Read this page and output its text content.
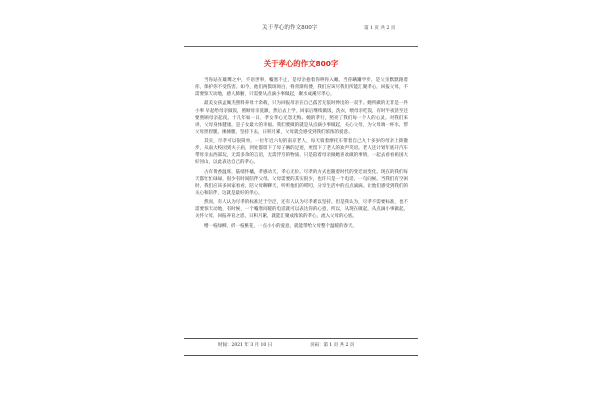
关于孝心的作文800字	第 1 页 共 2 页
关于孝心的作文800字

当你站在雄鹰之中，不语世事，嘘寒不止，是母亲抱着你哄你入睡。当你蹒跚学步，是父亲默默跟着你，保护你不受伤害。如今，他们两鬓斑斑白，脊背渐佝偻，我们应该尽我们所能汇聚孝心，回报父母，不需要惊天动地，感人肺腑，只需要从点滴小事做起，聚水成溪尽孝心。

最美女孩孟佩杰照料养母十余载，只为回报母亲在自己孤苦无依时伸出的一双手。她所做的无非是一件小事 早起给母亲做饭，照顾母亲洗漱，然后去上学，回家后继续做饭，洗衣，喂母亲吃饭，有时半夜甚至还要照顾母亲起夜。十几年如一日，孝女孝心无怨无悔。她的孝行，照亮了我们每一个人的心灵。对我们来讲，父母身体健康，是子女最大的幸福。我们要做的就是从点滴小事做起，关心父母，为父母端一杯水，帮父母捏捏腿，捶捶腿，坚持下去，日积月累，父母就会感受到我们浓浓的爱意。

其实，尽孝可以很简单。一位年近六旬的南京老人，每天骑着摩托车带着自己九十多岁的母亲上街散步，从南大校园到夫子庙，到处都留下了母子俩的足迹，更留下了老人的欢声笑语。老人还计划年底开汽车带母亲去西部玩，无需多余的言语，无需浮夸的物质，只是陪着母亲做她喜欢做的事情，一起去看看祖国大好河山，以此表达自己的孝心。

古有黄香温席，陆绩怀橘，孝感动天，孝心无价。尽孝的方式也随着时代的变迁而变化。现在的我们每天都忙忙碌碌，很少有时间陪伴父母。父母需要的其实很少，也许只是一个电话，一句问候。当我们有空闲时，我们应该多回家看看，陪父母聊聊天，听听他们的唠叨，分享生活中的点点滴滴。让他们感受到我们的关心和陪伴，这就是最好的孝心。

然而，有人认为尽孝的标准过于空泛，还有人认为尽孝难以坚持。但是我认为，尽孝不需要标准，也不需要惊天动地，有时候，一个嘘寒问暖的电话就可以表达你的心意，所以，从现在做起，从点滴小事做起，关怀父母，回报养育之恩，日积月累，就能汇聚成浓浓的孝心，流入父母的心底。

赠一枝绿柳，折一枝桃花，一点小小的爱意，就能带给父母整个温暖的春天。

时间：2021 年 3 月 10 日	页码：第 1 页 共 2 页
